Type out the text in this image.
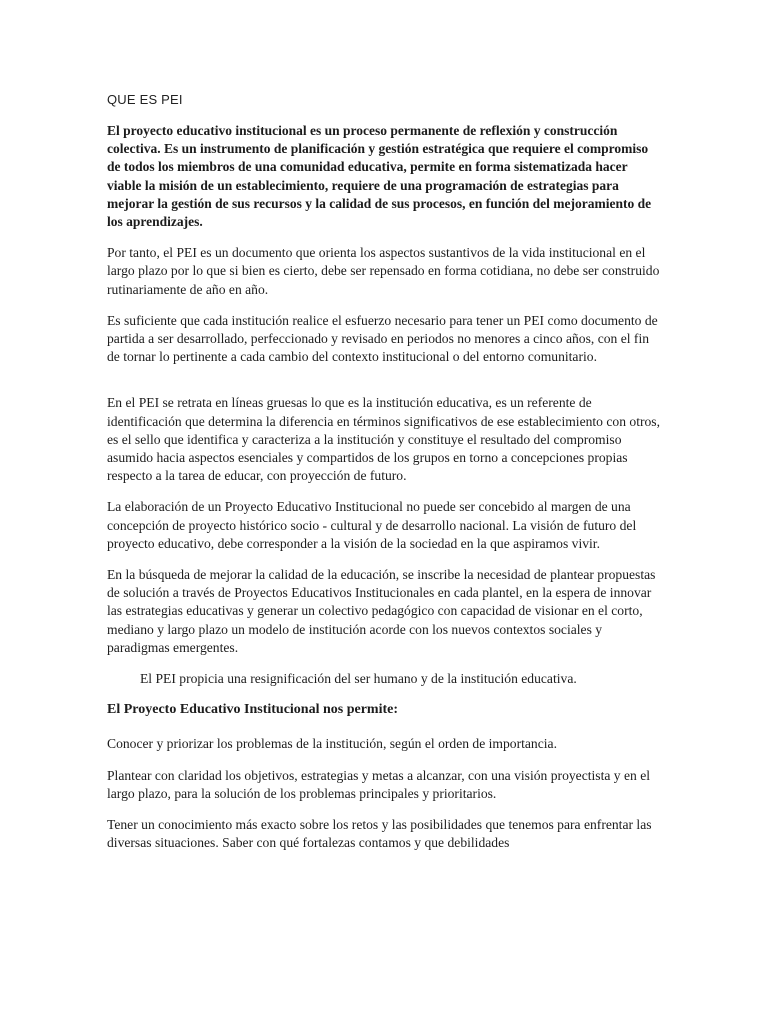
QUE ES PEI

El proyecto educativo institucional es un proceso permanente de reflexión y construcción colectiva. Es un instrumento de planificación y gestión estratégica que requiere el compromiso de todos los miembros de una comunidad educativa, permite en forma sistematizada hacer viable la misión de un establecimiento, requiere de una programación de estrategias para mejorar la gestión de sus recursos y la calidad de sus procesos, en función del mejoramiento de los aprendizajes.

Por tanto, el PEI es un documento que orienta los aspectos sustantivos de la vida institucional en el largo plazo por lo que si bien es cierto, debe ser repensado en forma cotidiana, no debe ser construido rutinariamente de año en año.

Es suficiente que cada institución realice el esfuerzo necesario para tener un PEI como documento de partida a ser desarrollado, perfeccionado y revisado en periodos no menores a cinco años, con el fin de tornar lo pertinente a cada cambio del contexto institucional o del entorno comunitario.

En el PEI se retrata en líneas gruesas lo que es la institución educativa, es un referente de identificación que determina la diferencia en términos significativos de ese establecimiento con otros, es el sello que identifica y caracteriza a la institución y constituye el resultado del compromiso asumido hacia aspectos esenciales y compartidos de los grupos en torno a concepciones propias respecto a la tarea de educar, con proyección de futuro.

La elaboración de un Proyecto Educativo Institucional no puede ser concebido al margen de una concepción de proyecto histórico socio - cultural y de desarrollo nacional. La visión de futuro del proyecto educativo, debe corresponder a la visión de la sociedad en la que aspiramos vivir.

En la búsqueda de mejorar la calidad de la educación, se inscribe la necesidad de plantear propuestas de solución a través de Proyectos Educativos Institucionales en cada plantel, en la espera de innovar las estrategias educativas y generar un colectivo pedagógico con capacidad de visionar en el corto, mediano y largo plazo un modelo de institución acorde con los nuevos contextos sociales y paradigmas emergentes.

El PEI propicia una resignificación del ser humano y de la institución educativa.

El Proyecto Educativo Institucional nos permite:

Conocer y priorizar los problemas de la institución, según el orden de importancia.

Plantear con claridad los objetivos, estrategias y metas a alcanzar, con una visión proyectista y en el largo plazo, para la solución de los problemas principales y prioritarios.

Tener un conocimiento más exacto sobre los retos y las posibilidades que tenemos para enfrentar las diversas situaciones. Saber con qué fortalezas contamos y que debilidades
